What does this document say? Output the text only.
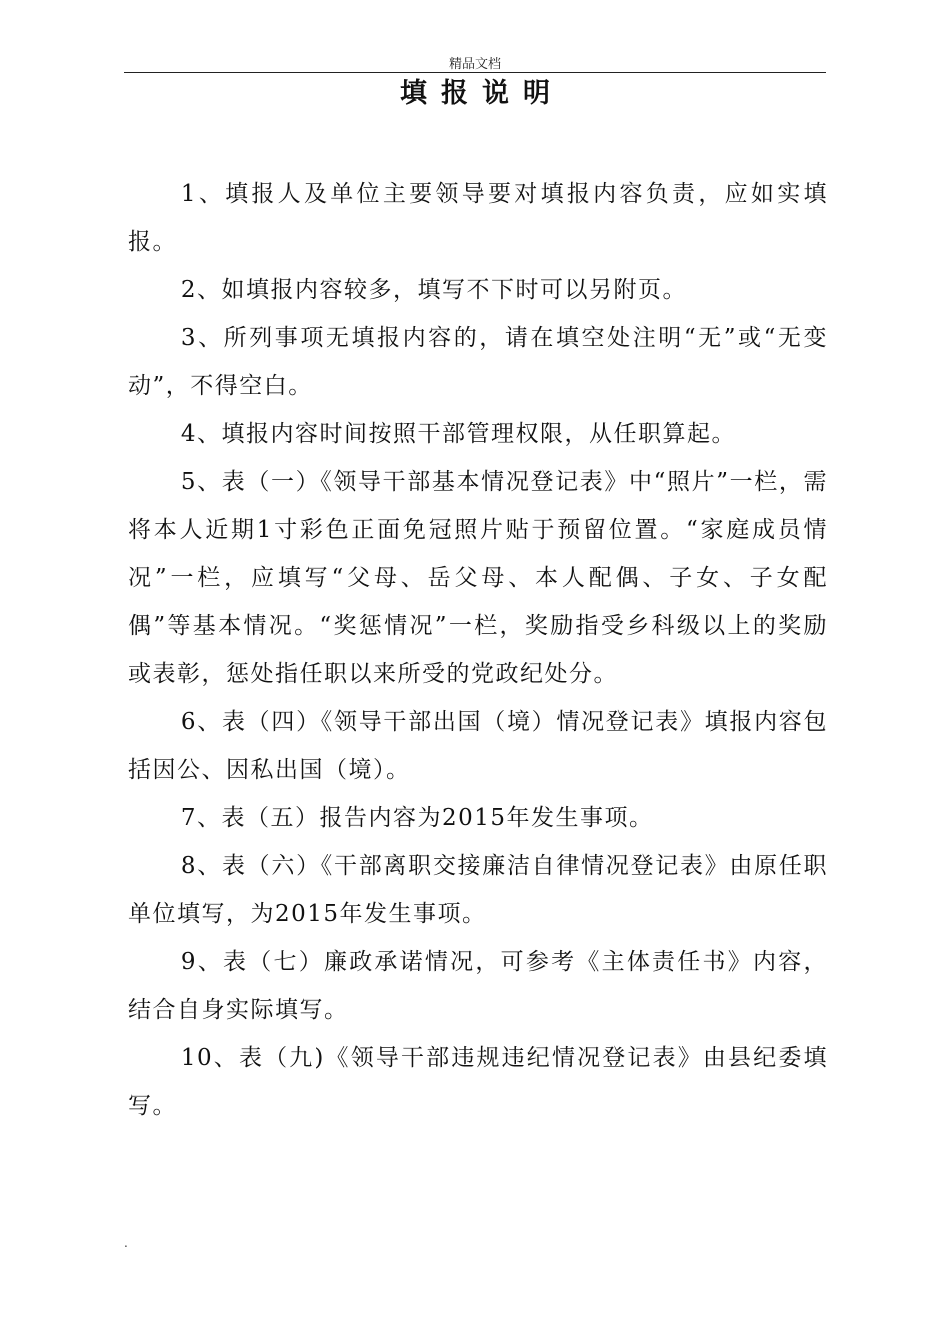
精品文档
填报说明

1、填报人及单位主要领导要对填报内容负责，应如实填报。

2、如填报内容较多，填写不下时可以另附页。

3、所列事项无填报内容的，请在填空处注明“无”或“无变动”，不得空白。

4、填报内容时间按照干部管理权限，从任职算起。

5、表（一）《领导干部基本情况登记表》中“照片”一栏，需将本人近期1寸彩色正面免冠照片贴于预留位置。“家庭成员情况”一栏，应填写“父母、岳父母、本人配偶、子女、子女配偶”等基本情况。“奖惩情况”一栏，奖励指受乡科级以上的奖励或表彰，惩处指任职以来所受的党政纪处分。

6、表（四）《领导干部出国（境）情况登记表》填报内容包括因公、因私出国（境）。

7、表（五）报告内容为2015年发生事项。

8、表（六）《干部离职交接廉洁自律情况登记表》由原任职单位填写，为2015年发生事项。

9、表（七）廉政承诺情况，可参考《主体责任书》内容，结合自身实际填写。

10、表（九)《领导干部违规违纪情况登记表》由县纪委填写。

.
